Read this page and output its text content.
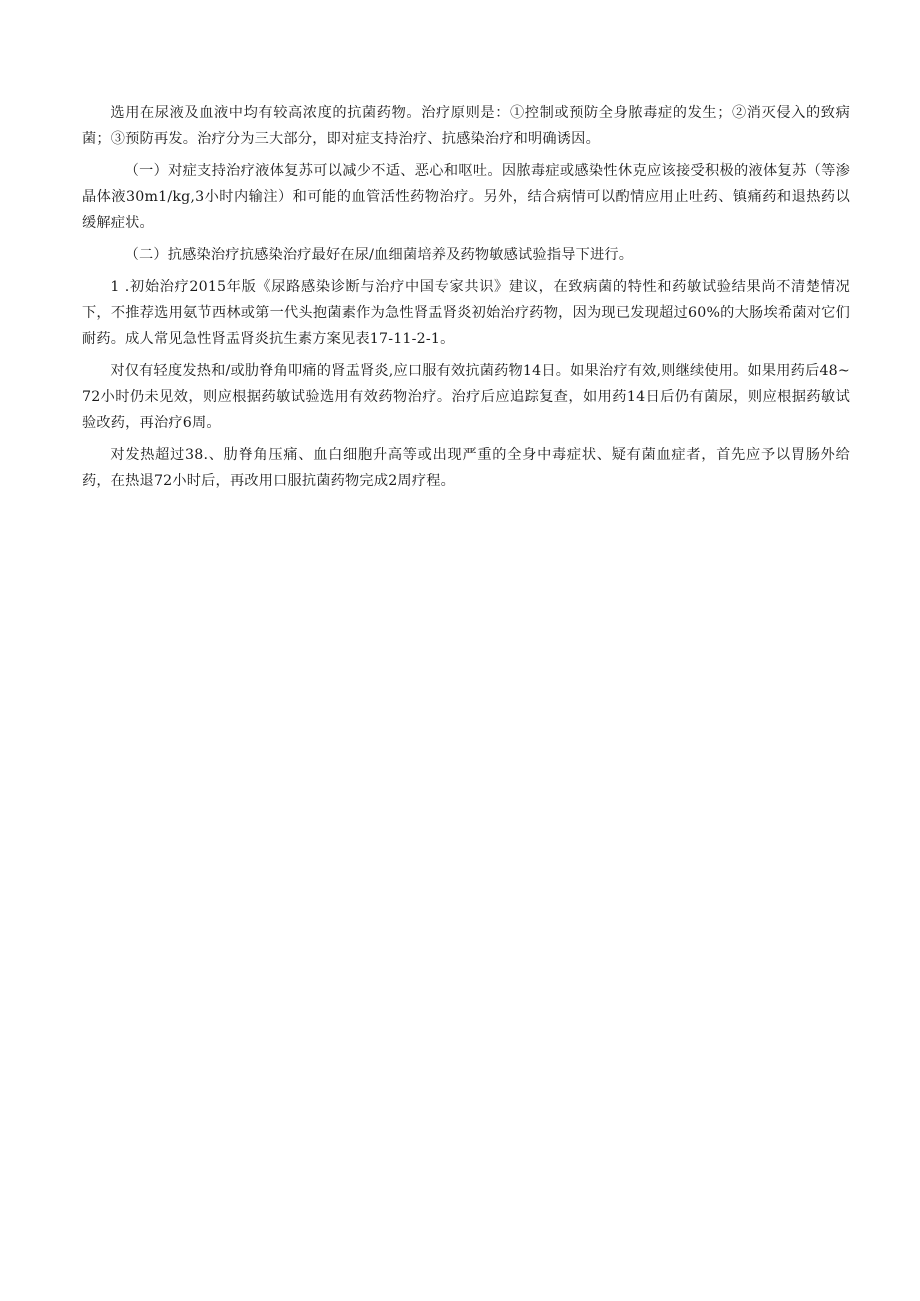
选用在尿液及血液中均有较高浓度的抗菌药物。治疗原则是：①控制或预防全身脓毒症的发生；②消灭侵入的致病菌；③预防再发。治疗分为三大部分，即对症支持治疗、抗感染治疗和明确诱因。

（一）对症支持治疗液体复苏可以减少不适、恶心和呕吐。因脓毒症或感染性休克应该接受积极的液体复苏（等渗晶体液30m1∕kg,3小时内输注）和可能的血管活性药物治疗。另外，结合病情可以酌情应用止吐药、镇痛药和退热药以缓解症状。

（二）抗感染治疗抗感染治疗最好在尿/血细菌培养及药物敏感试验指导下进行。

1 .初始治疗2015年版《尿路感染诊断与治疗中国专家共识》建议，在致病菌的特性和药敏试验结果尚不清楚情况下，不推荐选用氨节西林或第一代头抱菌素作为急性肾盂肾炎初始治疗药物，因为现已发现超过60%的大肠埃希菌对它们耐药。成人常见急性肾盂肾炎抗生素方案见表17-11-2-1。

对仅有轻度发热和/或肋脊角叩痛的肾盂肾炎,应口服有效抗菌药物14日。如果治疗有效,则继续使用。如果用药后48~72小时仍未见效，则应根据药敏试验选用有效药物治疗。治疗后应追踪复查，如用药14日后仍有菌尿，则应根据药敏试验改药，再治疗6周。

对发热超过38.、肋脊角压痛、血白细胞升高等或出现严重的全身中毒症状、疑有菌血症者，首先应予以胃肠外给药，在热退72小时后，再改用口服抗菌药物完成2周疗程。
